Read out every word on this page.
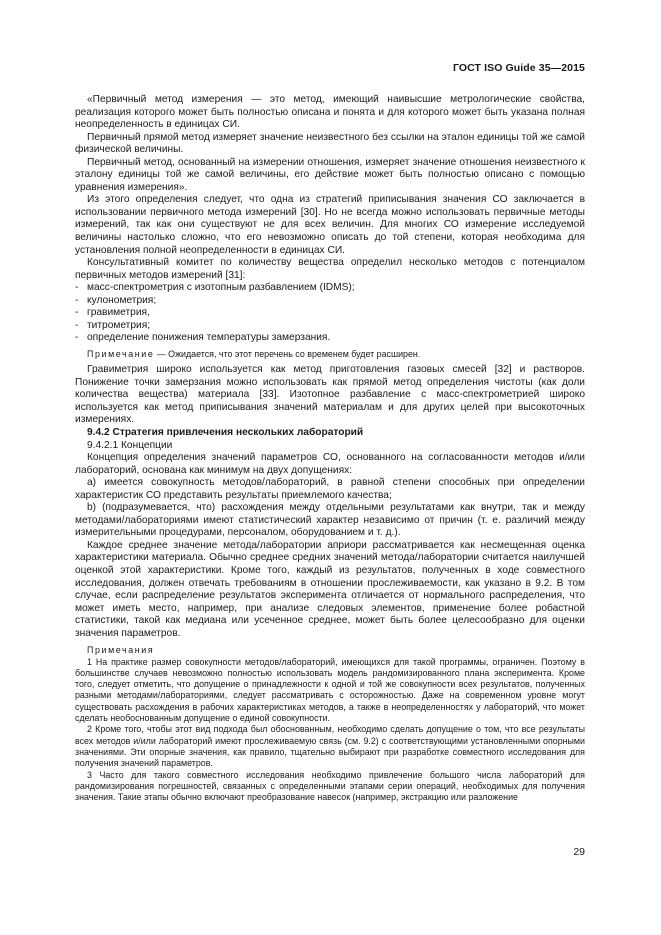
ГОСТ ISO Guide 35—2015

«Первичный метод измерения — это метод, имеющий наивысшие метрологические свойства, реализация которого может быть полностью описана и понята и для которого может быть указана полная неопределенность в единицах СИ.

Первичный прямой метод измеряет значение неизвестного без ссылки на эталон единицы той же самой физической величины.

Первичный метод, основанный на измерении отношения, измеряет значение отношения неизвестного к эталону единицы той же самой величины, его действие может быть полностью описано с помощью уравнения измерения».

Из этого определения следует, что одна из стратегий приписывания значения СО заключается в использовании первичного метода измерений [30]. Но не всегда можно использовать первичные методы измерений, так как они существуют не для всех величин. Для многих СО измерение исследуемой величины настолько сложно, что его невозможно описать до той степени, которая необходима для установления полной неопределенности в единицах СИ.

Консультативный комитет по количеству вещества определил несколько методов с потенциалом первичных методов измерений [31]:

- масс-спектрометрия с изотопным разбавлением (IDMS);

- кулонометрия;

- гравиметрия,

- титрометрия;

- определение понижения температуры замерзания.

Примечание — Ожидается, что этот перечень со временем будет расширен.

Гравиметрия широко используется как метод приготовления газовых смесей [32] и растворов. Понижение точки замерзания можно использовать как прямой метод определения чистоты (как доли количества вещества) материала [33]. Изотопное разбавление с масс-спектрометрией широко используется как метод приписывания значений материалам и для других целей при высокоточных измерениях.

9.4.2 Стратегия привлечения нескольких лабораторий

9.4.2.1 Концепции

Концепция определения значений параметров СО, основанного на согласованности методов и/или лабораторий, основана как минимум на двух допущениях:

а) имеется совокупность методов/лабораторий, в равной степени способных при определении характеристик СО представить результаты приемлемого качества;

b) (подразумевается, что) расхождения между отдельными результатами как внутри, так и между методами/лабораториями имеют статистический характер независимо от причин (т. е. различий между измерительными процедурами, персоналом, оборудованием и т. д.).

Каждое среднее значение метода/лаборатории априори рассматривается как несмещенная оценка характеристики материала. Обычно среднее средних значений метода/лаборатории считается наилучшей оценкой этой характеристики. Кроме того, каждый из результатов, полученных в ходе совместного исследования, должен отвечать требованиям в отношении прослеживаемости, как указано в 9.2. В том случае, если распределение результатов эксперимента отличается от нормального распределения, что может иметь место, например, при анализе следовых элементов, применение более робастной статистики, такой как медиана или усеченное среднее, может быть более целесообразно для оценки значения параметров.

Примечания

1 На практике размер совокупности методов/лабораторий, имеющихся для такой программы, ограничен. Поэтому в большинстве случаев невозможно полностью использовать модель рандомизированного плана эксперимента. Кроме того, следует отметить, что допущение о принадлежности к одной и той же совокупности всех результатов, полученных разными методами/лабораториями, следует рассматривать с осторожностью. Даже на современном уровне могут существовать расхождения в рабочих характеристиках методов, а также в неопределенностях у лабораторий, что может сделать необоснованным допущение о единой совокупности.

2 Кроме того, чтобы этот вид подхода был обоснованным, необходимо сделать допущение о том, что все результаты всех методов и/или лабораторий имеют прослеживаемую связь (см. 9.2) с соответствующими установленными опорными значениями. Эти опорные значения, как правило, тщательно выбирают при разработке совместного исследования для получения значений параметров.

3 Часто для такого совместного исследования необходимо привлечение большого числа лабораторий для рандомизирования погрешностей, связанных с определенными этапами серии операций, необходимых для получения значения. Такие этапы обычно включают преобразование навесок (например, экстракцию или разложение

29
